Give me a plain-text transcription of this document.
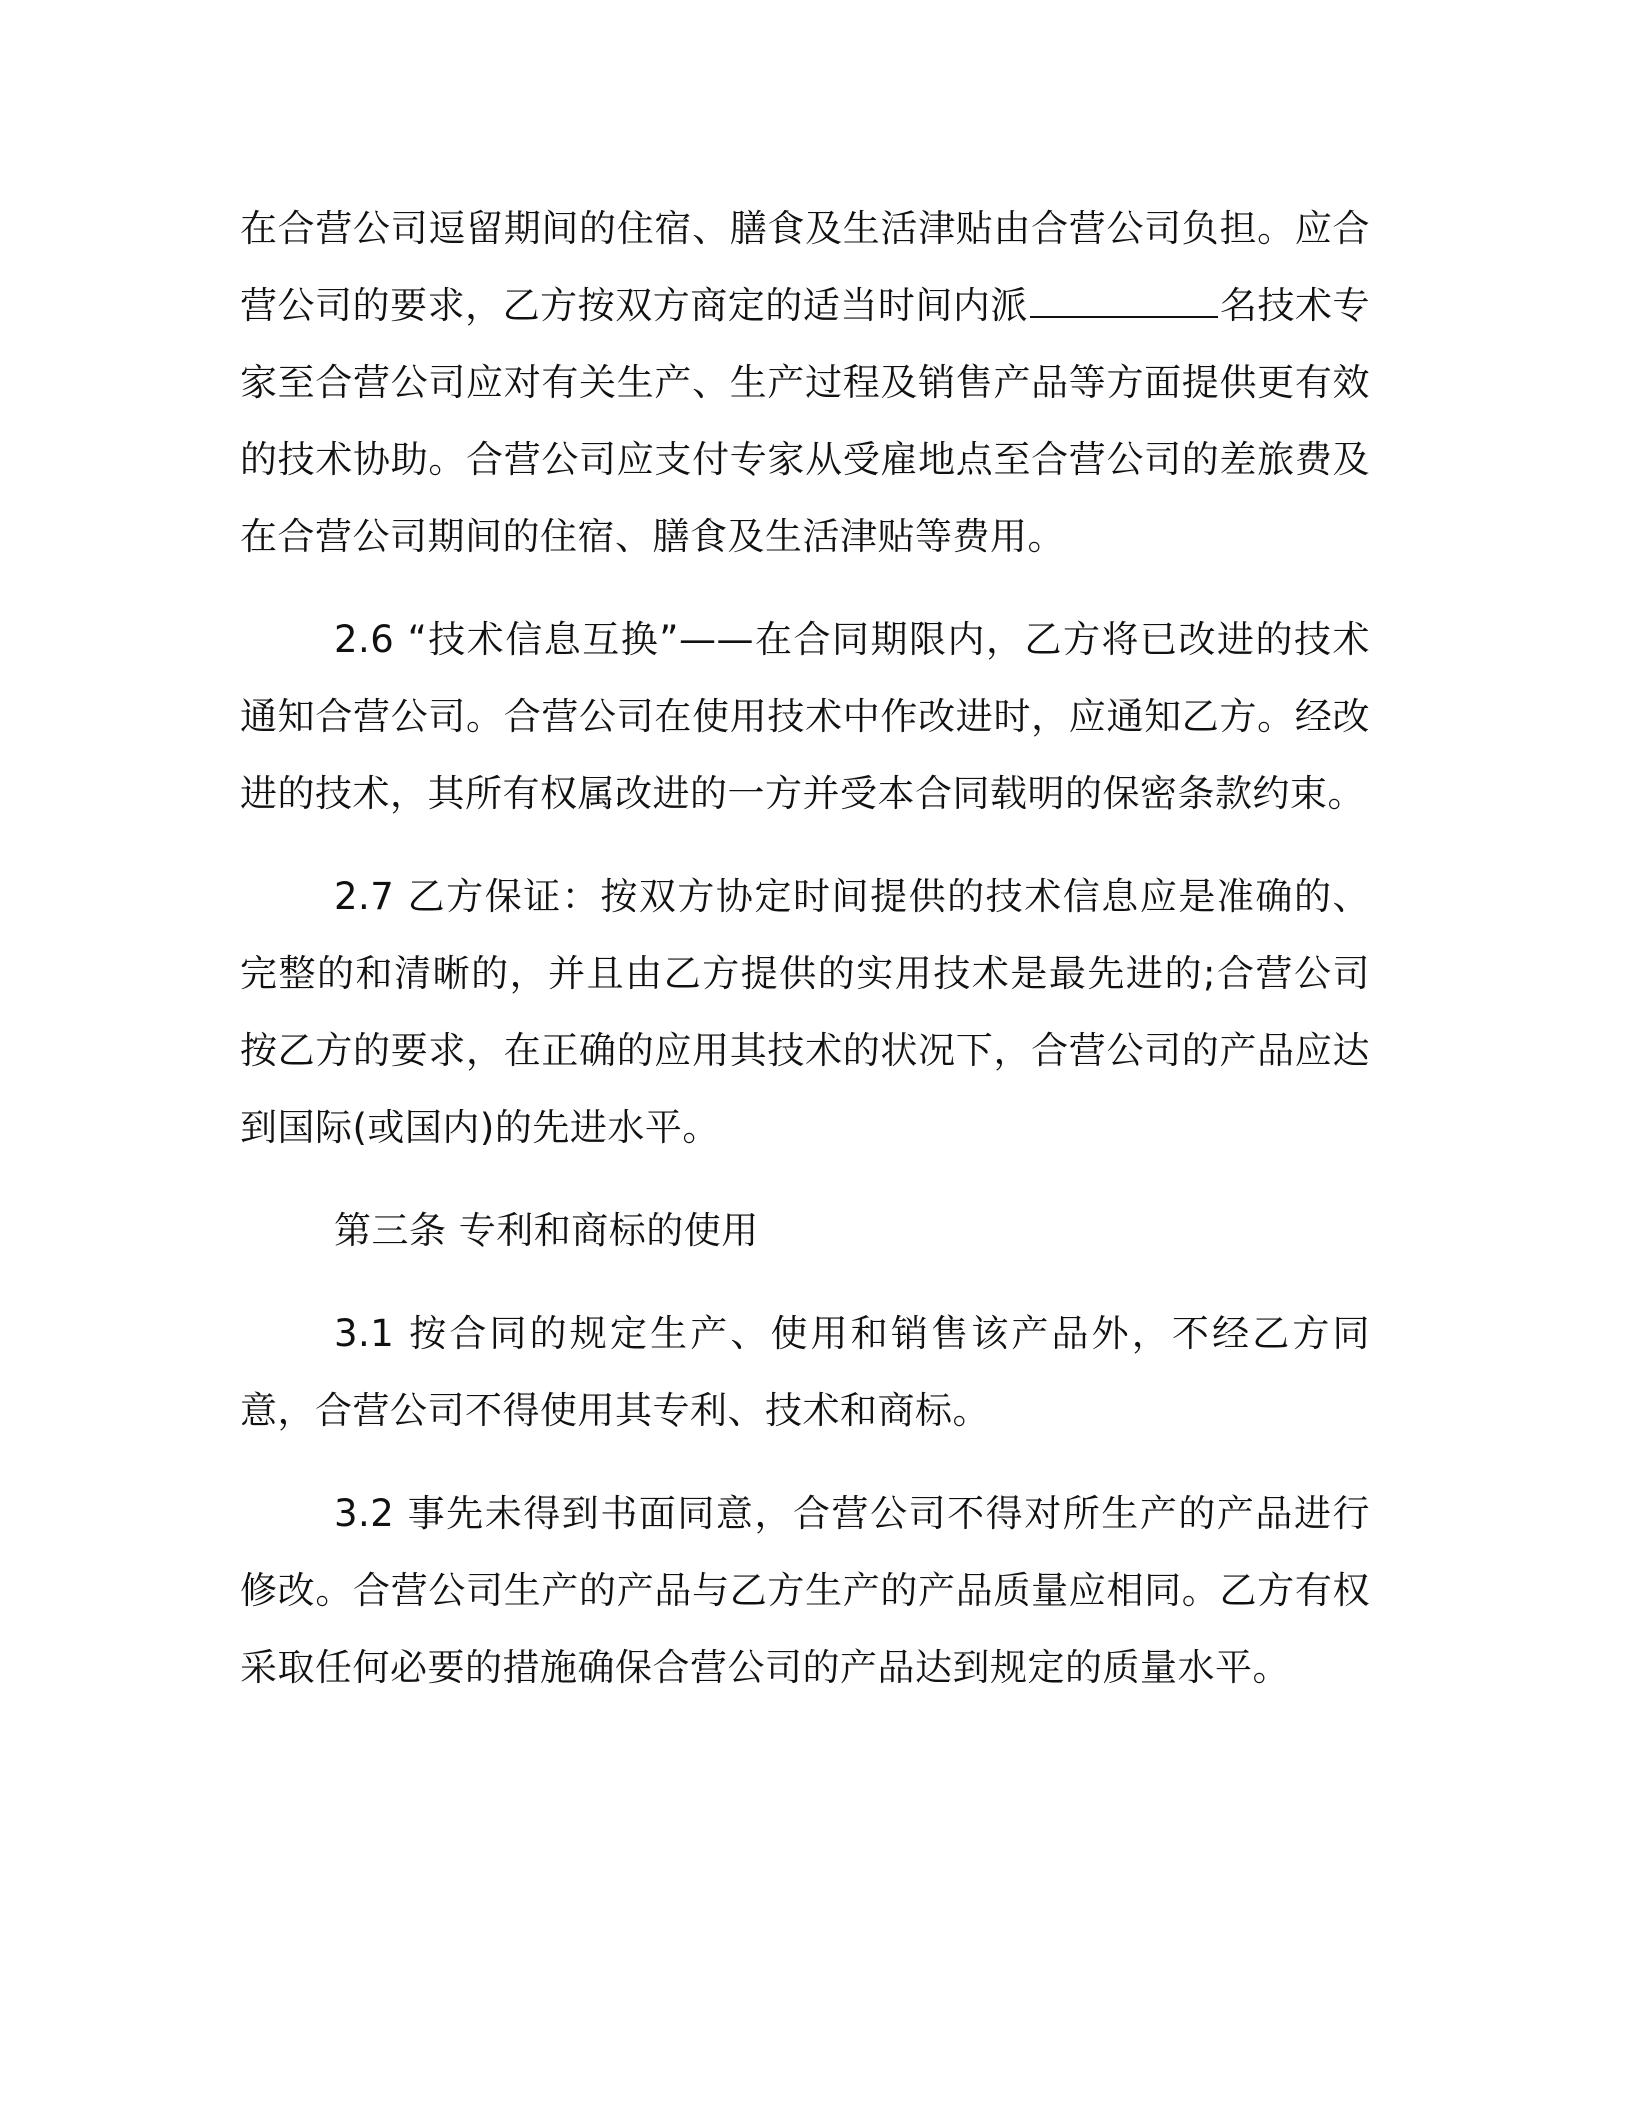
在合营公司逗留期间的住宿、膳食及生活津贴由合营公司负担。应合营公司的要求，乙方按双方商定的适当时间内派	名技术专家至合营公司应对有关生产、生产过程及销售产品等方面提供更有效的技术协助。合营公司应支付专家从受雇地点至合营公司的差旅费及在合营公司期间的住宿、膳食及生活津贴等费用。

2.6 “技术信息互换”——在合同期限内，乙方将已改进的技术通知合营公司。合营公司在使用技术中作改进时，应通知乙方。经改进的技术，其所有权属改进的一方并受本合同载明的保密条款约束。

2.7 乙方保证：按双方协定时间提供的技术信息应是准确的、完整的和清晰的，并且由乙方提供的实用技术是最先进的;合营公司按乙方的要求，在正确的应用其技术的状况下，合营公司的产品应达到国际(或国内)的先进水平。

第三条 专利和商标的使用

3.1 按合同的规定生产、使用和销售该产品外，不经乙方同意，合营公司不得使用其专利、技术和商标。

3.2 事先未得到书面同意，合营公司不得对所生产的产品进行修改。合营公司生产的产品与乙方生产的产品质量应相同。乙方有权采取任何必要的措施确保合营公司的产品达到规定的质量水平。
